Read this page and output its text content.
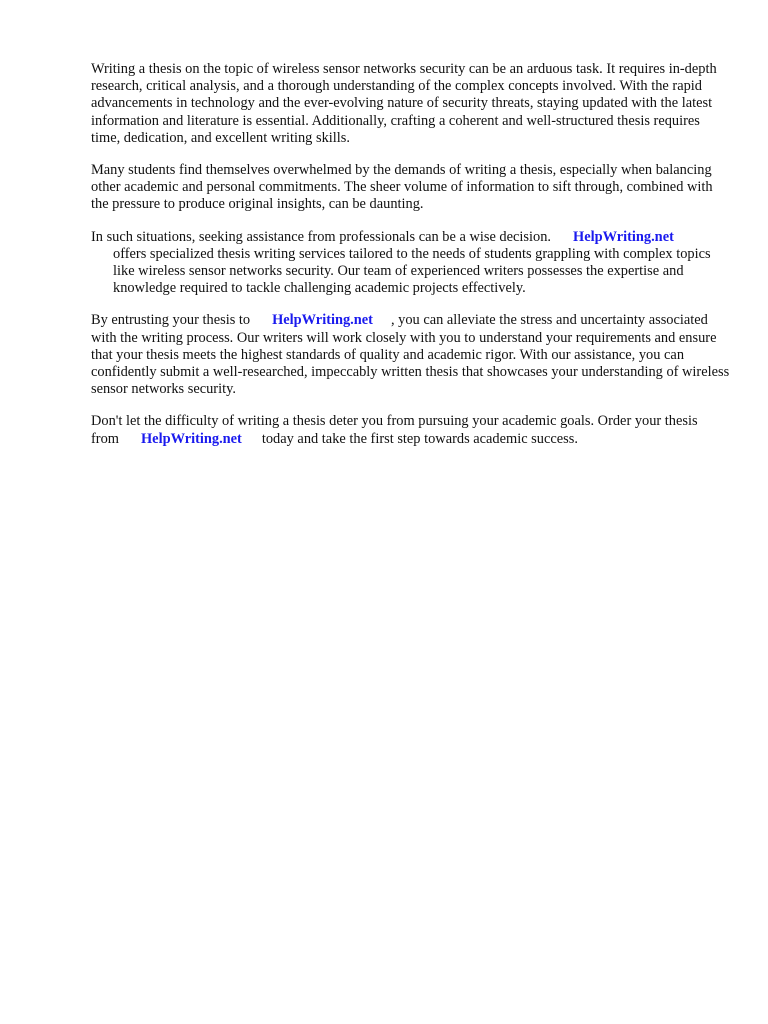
Writing a thesis on the topic of wireless sensor networks security can be an arduous task. It requires in-depth research, critical analysis, and a thorough understanding of the complex concepts involved. With the rapid advancements in technology and the ever-evolving nature of security threats, staying updated with the latest information and literature is essential. Additionally, crafting a coherent and well-structured thesis requires time, dedication, and excellent writing skills.

Many students find themselves overwhelmed by the demands of writing a thesis, especially when balancing other academic and personal commitments. The sheer volume of information to sift through, combined with the pressure to produce original insights, can be daunting.

In such situations, seeking assistance from professionals can be a wise decision. HelpWriting.net
offers specialized thesis writing services tailored to the needs of students grappling with complex topics like wireless sensor networks security. Our team of experienced writers possesses the expertise and knowledge required to tackle challenging academic projects effectively.

By entrusting your thesis to HelpWriting.net , you can alleviate the stress and uncertainty associated with the writing process. Our writers will work closely with you to understand your requirements and ensure that your thesis meets the highest standards of quality and academic rigor. With our assistance, you can confidently submit a well-researched, impeccably written thesis that showcases your understanding of wireless sensor networks security.

Don't let the difficulty of writing a thesis deter you from pursuing your academic goals. Order your thesis from HelpWriting.net today and take the first step towards academic success.
